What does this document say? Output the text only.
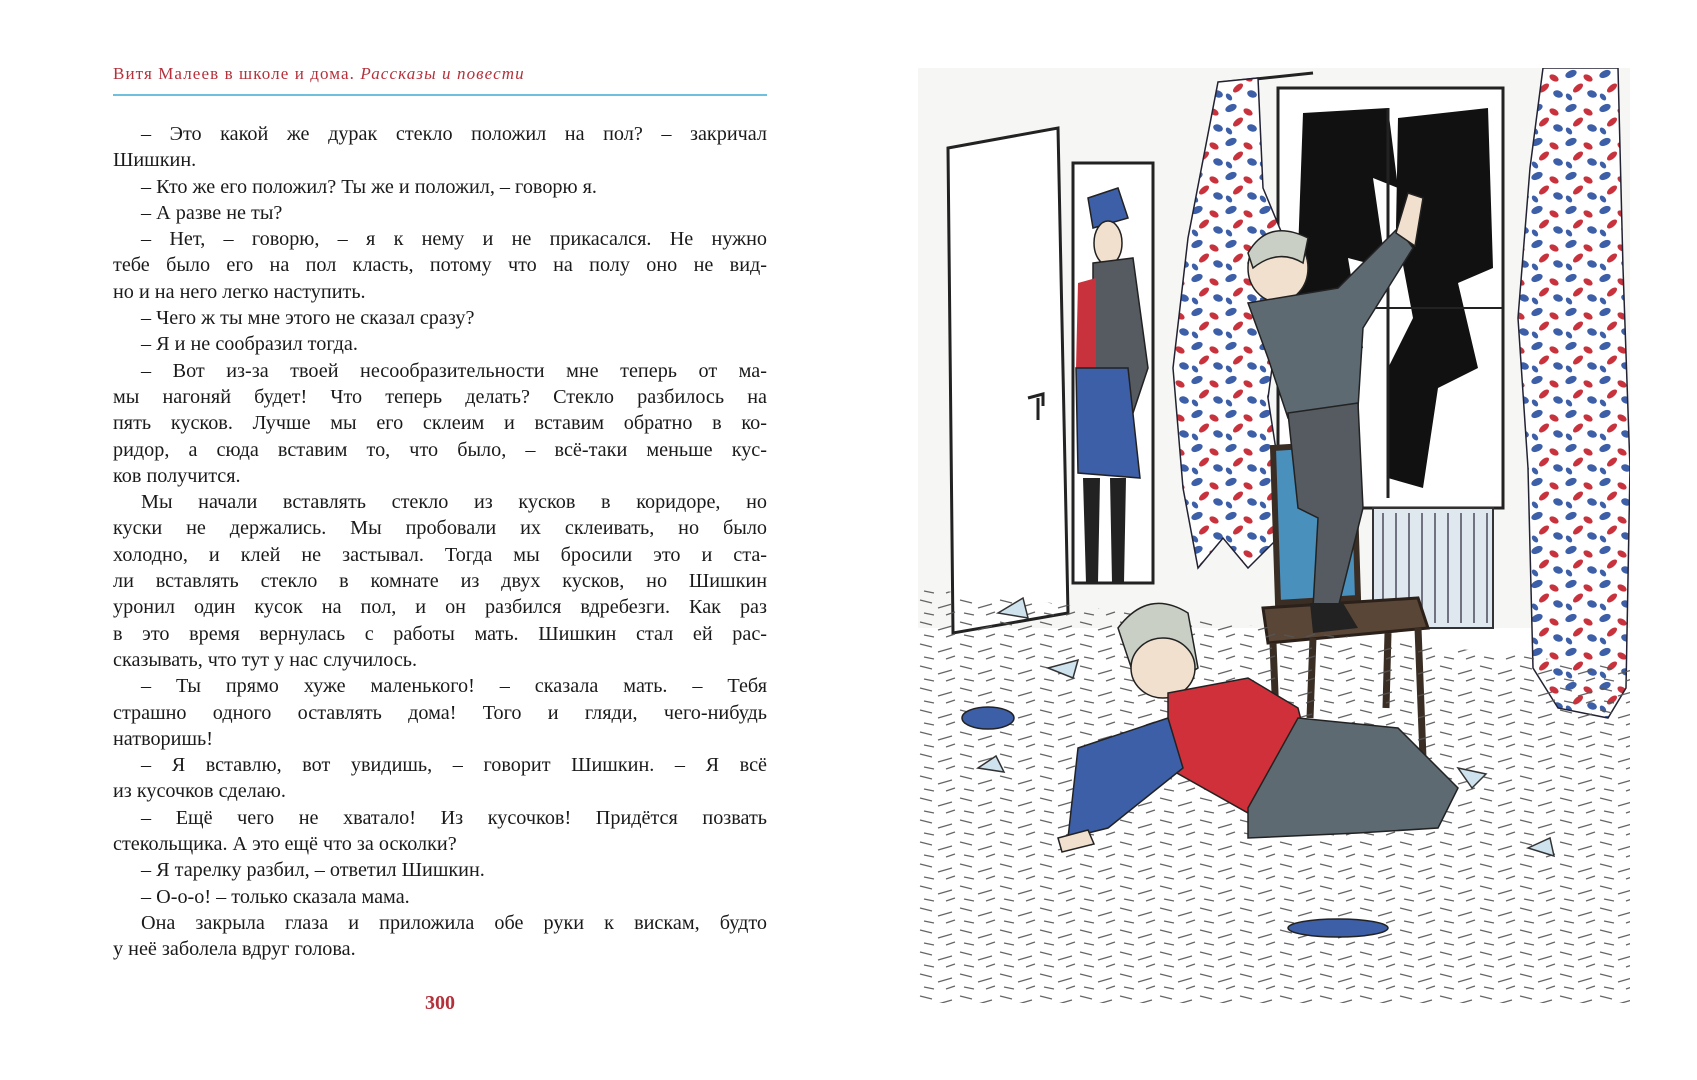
Витя Малеев в школе и дома. Рассказы и повести
– Это какой же дурак стекло положил на пол? – закричал
Шишкин.
– Кто же его положил? Ты же и положил, – говорю я.
– А разве не ты?
– Нет, – говорю, – я к нему и не прикасался. Не нужно
тебе было его на пол класть, потому что на полу оно не вид-
но и на него легко наступить.
– Чего ж ты мне этого не сказал сразу?
– Я и не сообразил тогда.
– Вот из-за твоей несообразительности мне теперь от ма-
мы нагоняй будет! Что теперь делать? Стекло разбилось на
пять кусков. Лучше мы его склеим и вставим обратно в ко-
ридор, а сюда вставим то, что было, – всё-таки меньше кус-
ков получится.
Мы начали вставлять стекло из кусков в коридоре, но
куски не держались. Мы пробовали их склеивать, но было
холодно, и клей не застывал. Тогда мы бросили это и ста-
ли вставлять стекло в комнате из двух кусков, но Шишкин
уронил один кусок на пол, и он разбился вдребезги. Как раз
в это время вернулась с работы мать. Шишкин стал ей рас-
сказывать, что тут у нас случилось.
– Ты прямо хуже маленького! – сказала мать. – Тебя
страшно одного оставлять дома! Того и гляди, чего-нибудь
натворишь!
– Я вставлю, вот увидишь, – говорит Шишкин. – Я всё
из кусочков сделаю.
– Ещё чего не хватало! Из кусочков! Придётся позвать
стекольщика. А это ещё что за осколки?
– Я тарелку разбил, – ответил Шишкин.
– О-о-о! – только сказала мама.
Она закрыла глаза и приложила обе руки к вискам, будто
у неё заболела вдруг голова.
300
